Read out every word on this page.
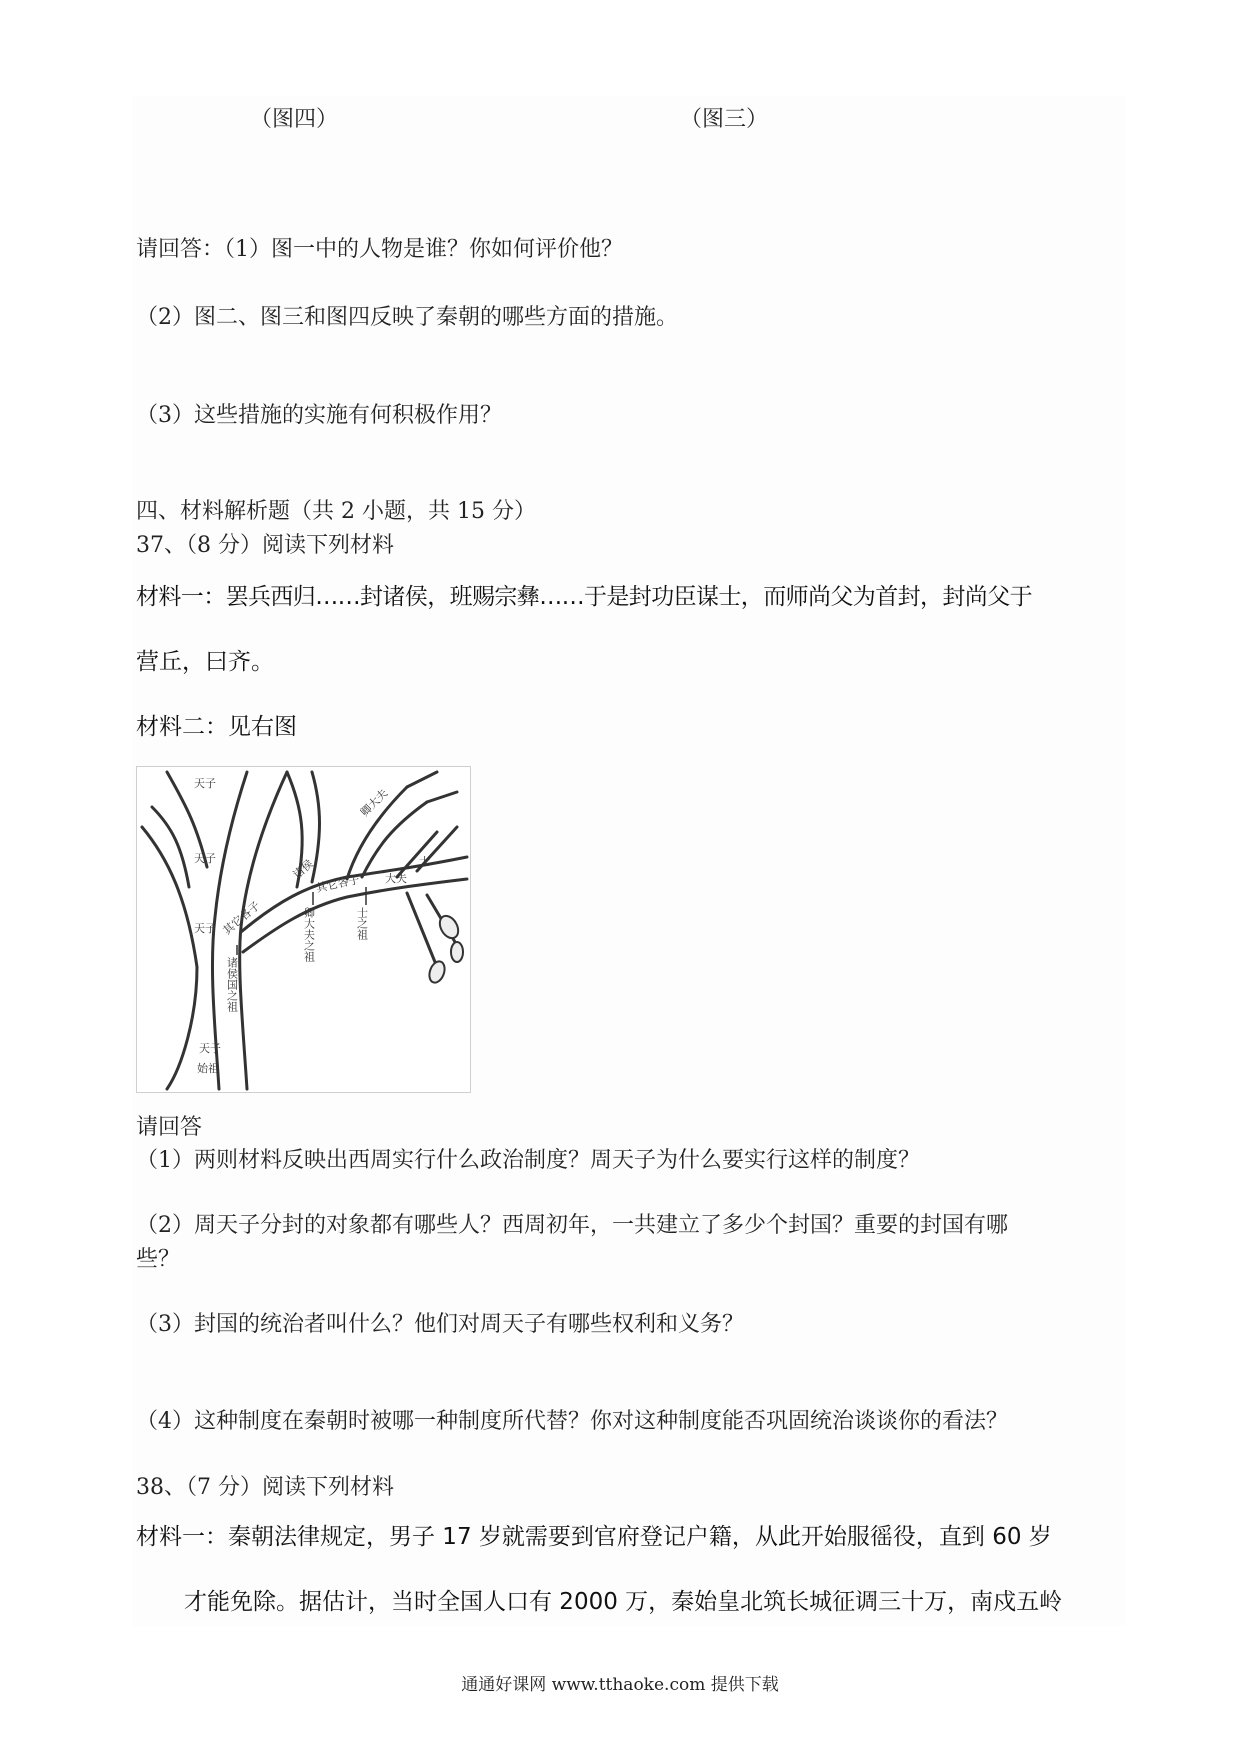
（图四）	（图三）
请回答：（1）图一中的人物是谁？你如何评价他？
（2）图二、图三和图四反映了秦朝的哪些方面的措施。
（3）这些措施的实施有何积极作用？
四、材料解析题（共 2 小题，共 15 分）
37、（8 分）阅读下列材料
材料一：罢兵西归……封诸侯，班赐宗彝……于是封功臣谋士，而师尚父为首封，封尚父于
营丘，曰齐。
材料二：见右图
天子
天子
天子
天子
始祖
诸侯
其它各子
其它各子 大夫
卿大夫
士
诸侯国之祖
卿大夫之祖	士之祖
请回答
（1）两则材料反映出西周实行什么政治制度？周天子为什么要实行这样的制度？
（2）周天子分封的对象都有哪些人？西周初年，一共建立了多少个封国？重要的封国有哪
些？
（3）封国的统治者叫什么？他们对周天子有哪些权利和义务？
（4）这种制度在秦朝时被哪一种制度所代替？你对这种制度能否巩固统治谈谈你的看法？
38、（7 分）阅读下列材料
材料一：秦朝法律规定，男子 17 岁就需要到官府登记户籍，从此开始服徭役，直到 60 岁
才能免除。据估计，当时全国人口有 2000 万，秦始皇北筑长城征调三十万，南戍五岭
通通好课网 www.tthaoke.com 提供下载
